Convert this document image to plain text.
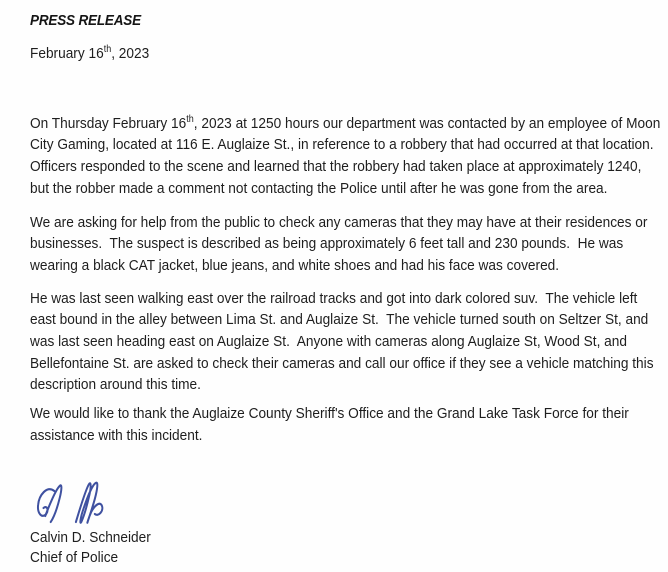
PRESS RELEASE
February 16th, 2023

On Thursday February 16th, 2023 at 1250 hours our department was contacted by an employee of Moon
City Gaming, located at 116 E. Auglaize St., in reference to a robbery that had occurred at that location.
Officers responded to the scene and learned that the robbery had taken place at approximately 1240,
but the robber made a comment not contacting the Police until after he was gone from the area.

We are asking for help from the public to check any cameras that they may have at their residences or
businesses.  The suspect is described as being approximately 6 feet tall and 230 pounds.  He was
wearing a black CAT jacket, blue jeans, and white shoes and had his face was covered.

He was last seen walking east over the railroad tracks and got into dark colored suv.  The vehicle left
east bound in the alley between Lima St. and Auglaize St.  The vehicle turned south on Seltzer St, and
was last seen heading east on Auglaize St.  Anyone with cameras along Auglaize St, Wood St, and
Bellefontaine St. are asked to check their cameras and call our office if they see a vehicle matching this
description around this time.

We would like to thank the Auglaize County Sheriff's Office and the Grand Lake Task Force for their
assistance with this incident.

Calvin D. Schneider
Chief of Police
